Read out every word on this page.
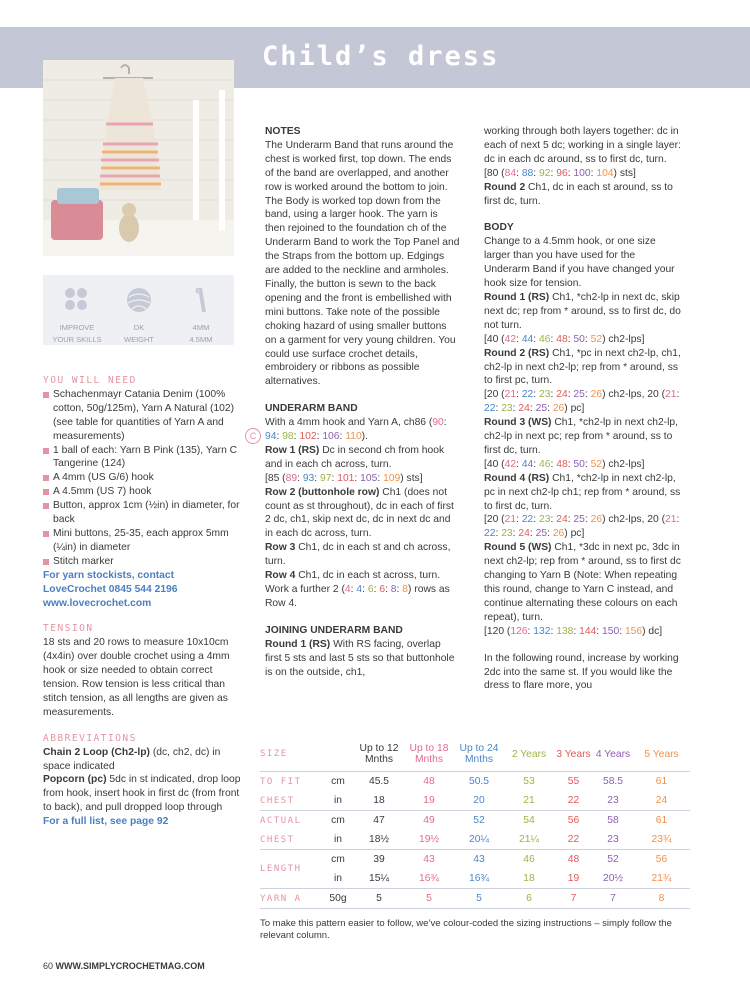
Child’s dress
IMPROVE
YOUR SKILLS
DK
WEIGHT
4MM
4.5MM

YOU WILL NEED

Schachenmayr Catania Denim (100% cotton, 50g/125m), Yarn A Natural (102) (see table for quantities of Yarn A and measurements)

1 ball of each: Yarn B Pink (135), Yarn C Tangerine (124)

A 4mm (US G/6) hook

A 4.5mm (US 7) hook

Button, approx 1cm (½in) in diameter, for back

Mini buttons, 25-35, each approx 5mm (¼in) in diameter

Stitch marker

For yarn stockists, contact

LoveCrochet 0845 544 2196

www.lovecrochet.com

TENSION

18 sts and 20 rows to measure 10x10cm (4x4in) over double crochet using a 4mm hook or size needed to obtain correct tension. Row tension is less critical than stitch tension, as all lengths are given as measurements.

ABBREVIATIONS

Chain 2 Loop (Ch2-lp) (dc, ch2, dc) in space indicated

Popcorn (pc) 5dc in st indicated, drop loop from hook, insert hook in first dc (from front to back), and pull dropped loop through

For a full list, see page 92

NOTES

The Underarm Band that runs around the chest is worked first, top down. The ends of the band are overlapped, and another row is worked around the bottom to join.

The Body is worked top down from the band, using a larger hook. The yarn is then rejoined to the foundation ch of the Underarm Band to work the Top Panel and the Straps from the bottom up. Edgings are added to the neckline and armholes.

Finally, the button is sewn to the back opening and the front is embellished with mini buttons. Take note of the possible choking hazard of using smaller buttons on a garment for very young children. You could use surface crochet details, embroidery or ribbons as possible alternatives.

UNDERARM BAND

With a 4mm hook and Yarn A, ch86 (90: 94: 98: 102: 106: 110).

Row 1 (RS) Dc in second ch from hook and in each ch across, turn.

[85 (89: 93: 97: 101: 105: 109) sts]

Row 2 (buttonhole row) Ch1 (does not count as st throughout), dc in each of first 2 dc, ch1, skip next dc, dc in next dc and in each dc across, turn.

Row 3 Ch1, dc in each st and ch across, turn.

Row 4 Ch1, dc in each st across, turn. Work a further 2 (4: 4: 6: 6: 8: 8) rows as Row 4.

JOINING UNDERARM BAND

Round 1 (RS) With RS facing, overlap first 5 sts and last 5 sts so that buttonhole is on the outside, ch1,

C

working through both layers together: dc in each of next 5 dc; working in a single layer: dc in each dc around, ss to first dc, turn.

[80 (84: 88: 92: 96: 100: 104) sts]

Round 2 Ch1, dc in each st around, ss to first dc, turn.

BODY

Change to a 4.5mm hook, or one size larger than you have used for the Underarm Band if you have changed your hook size for tension.

Round 1 (RS) Ch1, *ch2-lp in next dc, skip next dc; rep from * around, ss to first dc, do not turn.

[40 (42: 44: 46: 48: 50: 52) ch2-lps]

Round 2 (RS) Ch1, *pc in next ch2-lp, ch1, ch2-lp in next ch2-lp; rep from * around, ss to first pc, turn.

[20 (21: 22: 23: 24: 25: 26) ch2-lps, 20 (21: 22: 23: 24: 25: 26) pc]

Round 3 (WS) Ch1, *ch2-lp in next ch2-lp, ch2-lp in next pc; rep from * around, ss to first dc, turn.

[40 (42: 44: 46: 48: 50: 52) ch2-lps]

Round 4 (RS) Ch1, *ch2-lp in next ch2-lp, pc in next ch2-lp ch1; rep from * around, ss to first dc, turn.

[20 (21: 22: 23: 24: 25: 26) ch2-lps, 20 (21: 22: 23: 24: 25: 26) pc]

Round 5 (WS) Ch1, *3dc in next pc, 3dc in next ch2-lp; rep from * around, ss to first dc changing to Yarn B (Note: When repeating this round, change to Yarn C instead, and continue alternating these colours on each repeat), turn.

[120 (126: 132: 138: 144: 150: 156) dc]

In the following round, increase by working 2dc into the same st. If you would like the dress to flare more, you

SIZE		Up to 12
Mnths	Up to 18
Mnths	Up to 24
Mnths	2 Years	3 Years	4 Years	5 Years
TO FIT	cm	45.5	48	50.5	53	55	58.5	61
CHEST	in	18	19	20	21	22	23	24
ACTUAL	cm	47	49	52	54	56	58	61
CHEST	in	18½	19½	20¼	21¼	22	23	23¾
LENGTH	cm	39	43	43	46	48	52	56
	in	15¼	16¾	16¾	18	19	20½	21¾
YARN A	50g	5	5	5	6	7	7	8

To make this pattern easier to follow, we’ve colour-coded the sizing instructions – simply follow the relevant column.

60 WWW.SIMPLYCROCHETMAG.COM
